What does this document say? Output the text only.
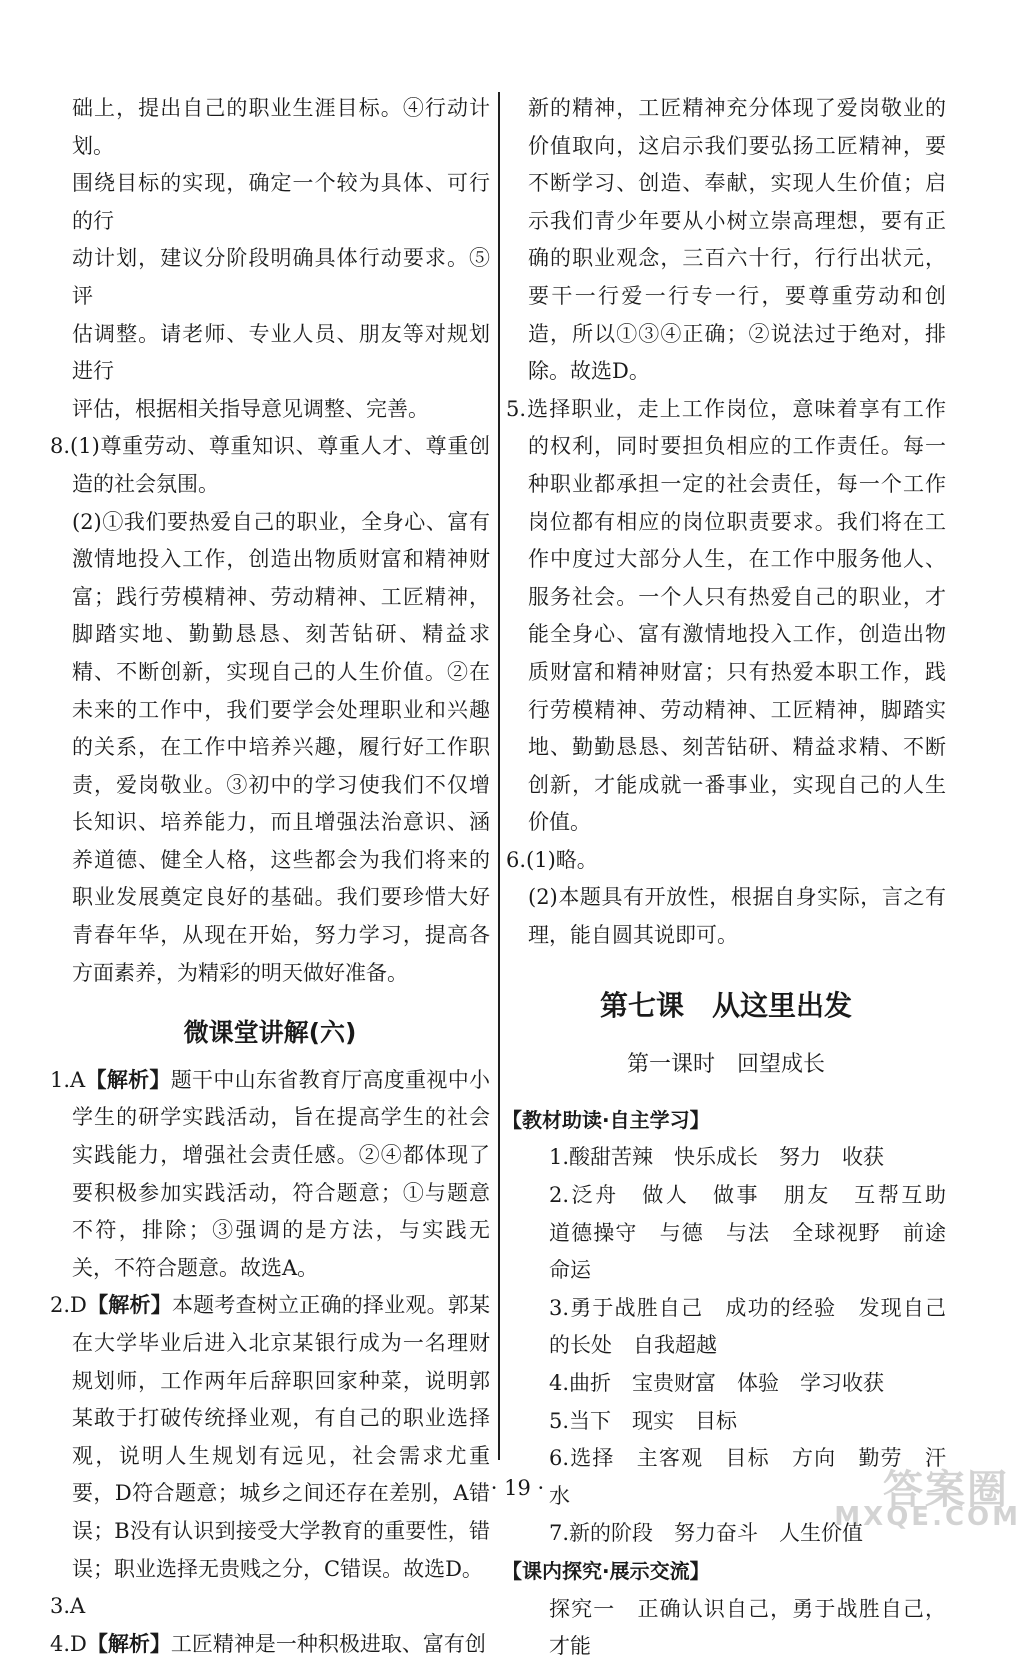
础上，提出自己的职业生涯目标。④行动计划。
围绕目标的实现，确定一个较为具体、可行的行
动计划，建议分阶段明确具体行动要求。⑤评
估调整。请老师、专业人员、朋友等对规划进行
评估，根据相关指导意见调整、完善。

8.(1)尊重劳动、尊重知识、尊重人才、尊重创造的社会氛围。

(2)①我们要热爱自己的职业，全身心、富有激情地投入工作，创造出物质财富和精神财富；践行劳模精神、劳动精神、工匠精神，脚踏实地、勤勤恳恳、刻苦钻研、精益求精、不断创新，实现自己的人生价值。②在未来的工作中，我们要学会处理职业和兴趣的关系，在工作中培养兴趣，履行好工作职责，爱岗敬业。③初中的学习使我们不仅增长知识、培养能力，而且增强法治意识、涵养道德、健全人格，这些都会为我们将来的职业发展奠定良好的基础。我们要珍惜大好青春年华，从现在开始，努力学习，提高各方面素养，为精彩的明天做好准备。

微课堂讲解(六)

1.A【解析】题干中山东省教育厅高度重视中小学生的研学实践活动，旨在提高学生的社会实践能力，增强社会责任感。②④都体现了要积极参加实践活动，符合题意；①与题意不符，排除；③强调的是方法，与实践无关，不符合题意。故选A。

2.D【解析】本题考查树立正确的择业观。郭某在大学毕业后进入北京某银行成为一名理财规划师，工作两年后辞职回家种菜，说明郭某敢于打破传统择业观，有自己的职业选择观，说明人生规划有远见，社会需求尤重要，D符合题意；城乡之间还存在差别，A错误；B没有认识到接受大学教育的重要性，错误；职业选择无贵贱之分，C错误。故选D。

3.A

4.D【解析】工匠精神是一种积极进取、富有创

新的精神，工匠精神充分体现了爱岗敬业的价值取向，这启示我们要弘扬工匠精神，要不断学习、创造、奉献，实现人生价值；启示我们青少年要从小树立崇高理想，要有正确的职业观念，三百六十行，行行出状元，要干一行爱一行专一行，要尊重劳动和创造，所以①③④正确；②说法过于绝对，排除。故选D。

5.选择职业，走上工作岗位，意味着享有工作的权利，同时要担负相应的工作责任。每一种职业都承担一定的社会责任，每一个工作岗位都有相应的岗位职责要求。我们将在工作中度过大部分人生，在工作中服务他人、服务社会。一个人只有热爱自己的职业，才能全身心、富有激情地投入工作，创造出物质财富和精神财富；只有热爱本职工作，践行劳模精神、劳动精神、工匠精神，脚踏实地、勤勤恳恳、刻苦钻研、精益求精、不断创新，才能成就一番事业，实现自己的人生价值。

6.(1)略。

(2)本题具有开放性，根据自身实际，言之有理，能自圆其说即可。

第七课　从这里出发
第一课时　回望成长
【教材助读·自主学习】

1.酸甜苦辣　快乐成长　努力　收获

2.泛舟　做人　做事　朋友　互帮互助　道德操守　与德　与法　全球视野　前途命运

3.勇于战胜自己　成功的经验　发现自己的长处　自我超越

4.曲折　宝贵财富　体验　学习收获

5.当下　现实　目标

6.选择　主客观　目标　方向　勤劳　汗水

7.新的阶段　努力奋斗　人生价值

【课内探究·展示交流】

探究一　正确认识自己，勇于战胜自己，才能

· 19 ·	答案圈
MXQE.COM
